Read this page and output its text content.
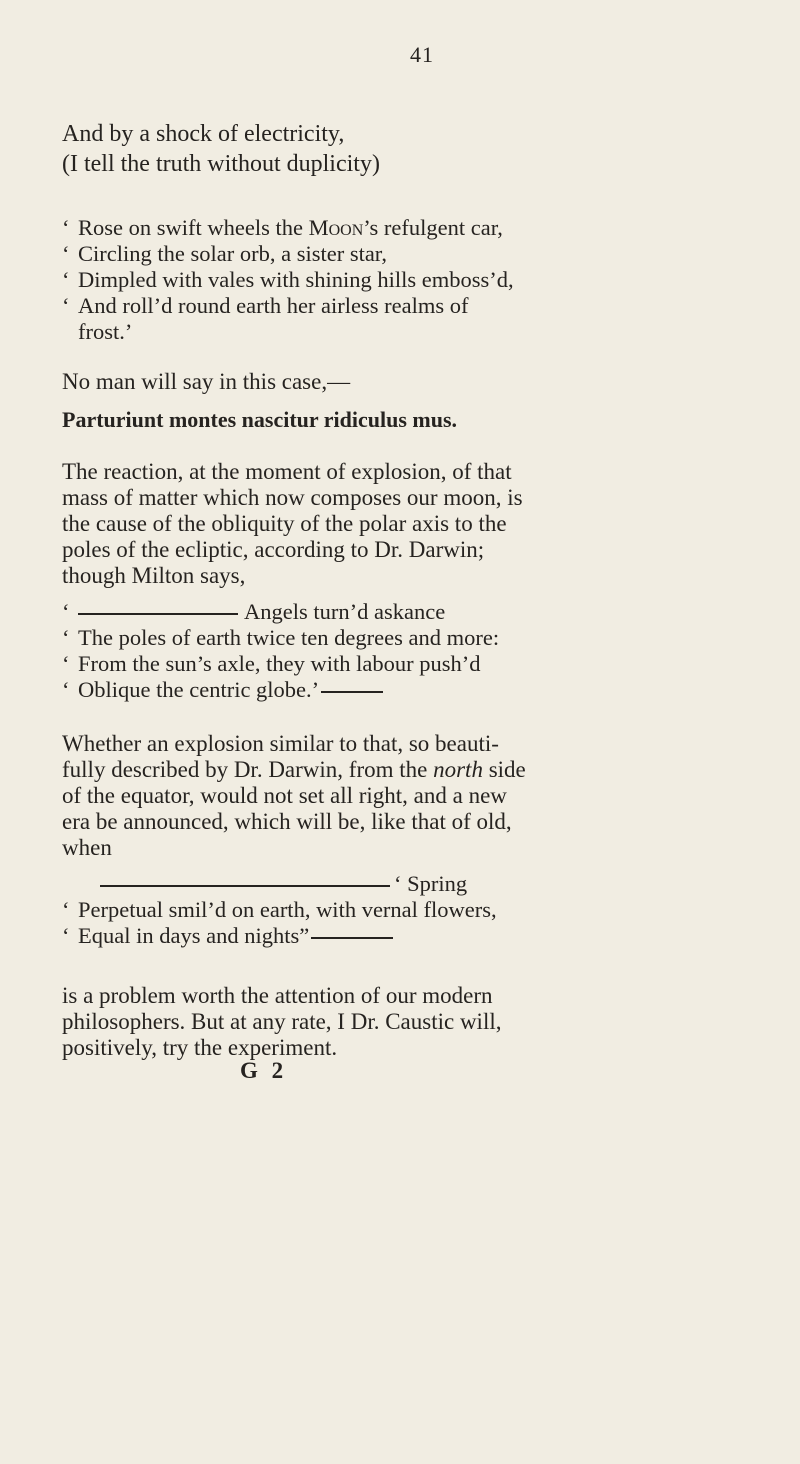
41
And by a shock of electricity,
(I tell the truth without duplicity)
‘ Rose on swift wheels the Moon’s refulgent car,
‘ Circling the solar orb, a sister star,
‘ Dimpled with vales with shining hills emboss’d,
‘ And roll’d round earth her airless realms of
frost.’
No man will say in this case,—
Parturiunt montes nascitur ridiculus mus.
The reaction, at the moment of explosion, of that
mass of matter which now composes our moon, is
the cause of the obliquity of the polar axis to the
poles of the ecliptic, according to Dr. Darwin;
though Milton says,
‘	Angels turn’d askance
‘ The poles of earth twice ten degrees and more:
‘ From the sun’s axle, they with labour push’d
‘ Oblique the centric globe.’
Whether an explosion similar to that, so beauti-
fully described by Dr. Darwin, from the north side
of the equator, would not set all right, and a new
era be announced, which will be, like that of old,
when
‘ Spring
‘ Perpetual smil’d on earth, with vernal flowers,
‘ Equal in days and nights”
is a problem worth the attention of our modern
philosophers. But at any rate, I Dr. Caustic will,
positively, try the experiment.
G 2
